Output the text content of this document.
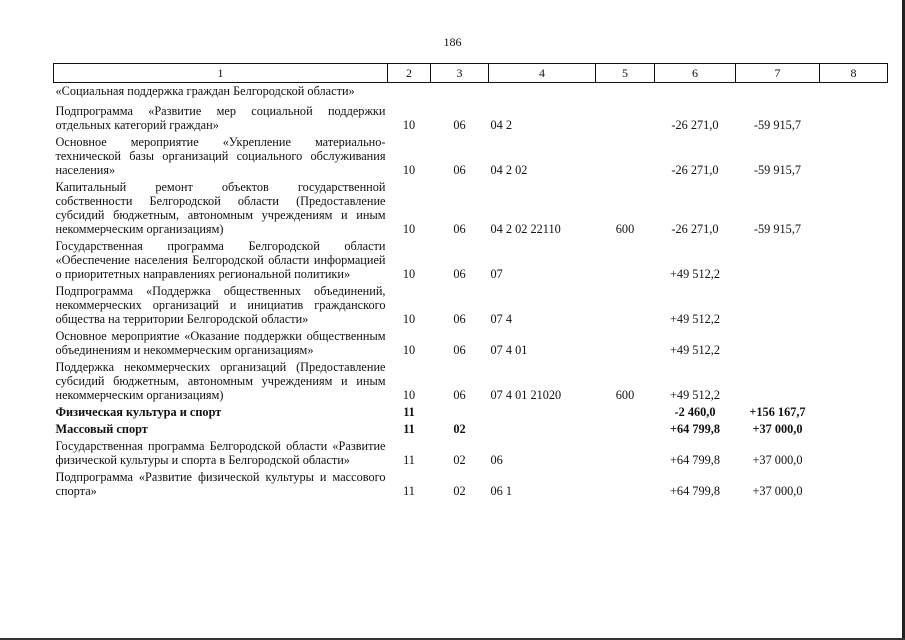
186
1	2	3	4	5	6	7	8
«Социальная поддержка граждан Белгородской области»							
Подпрограмма «Развитие мер социальной поддержки отдельных категорий граждан»	10	06	04 2		-26 271,0	-59 915,7	
Основное мероприятие «Укрепление материально-технической базы организаций социального обслуживания населения»	10	06	04 2 02		-26 271,0	-59 915,7	
Капитальный ремонт объектов государственной собственности Белгородской области (Предоставление субсидий бюджетным, автономным учреждениям и иным некоммерческим организациям)	10	06	04 2 02 22110	600	-26 271,0	-59 915,7	
Государственная программа Белгородской области «Обеспечение населения Белгородской области информацией о приоритетных направлениях региональной политики»	10	06	07		+49 512,2		
Подпрограмма «Поддержка общественных объединений, некоммерческих организаций и инициатив гражданского общества на территории Белгородской области»	10	06	07 4		+49 512,2		
Основное мероприятие «Оказание поддержки общественным объединениям и некоммерческим организациям»	10	06	07 4 01		+49 512,2		
Поддержка некоммерческих организаций (Предоставление субсидий бюджетным, автономным учреждениям и иным некоммерческим организациям)	10	06	07 4 01 21020	600	+49 512,2		
Физическая культура и спорт	11				-2 460,0	+156 167,7	
Массовый спорт	11	02			+64 799,8	+37 000,0	
Государственная программа Белгородской области «Развитие физической культуры и спорта в Белгородской области»	11	02	06		+64 799,8	+37 000,0	
Подпрограмма «Развитие физической культуры и массового спорта»	11	02	06 1		+64 799,8	+37 000,0	
